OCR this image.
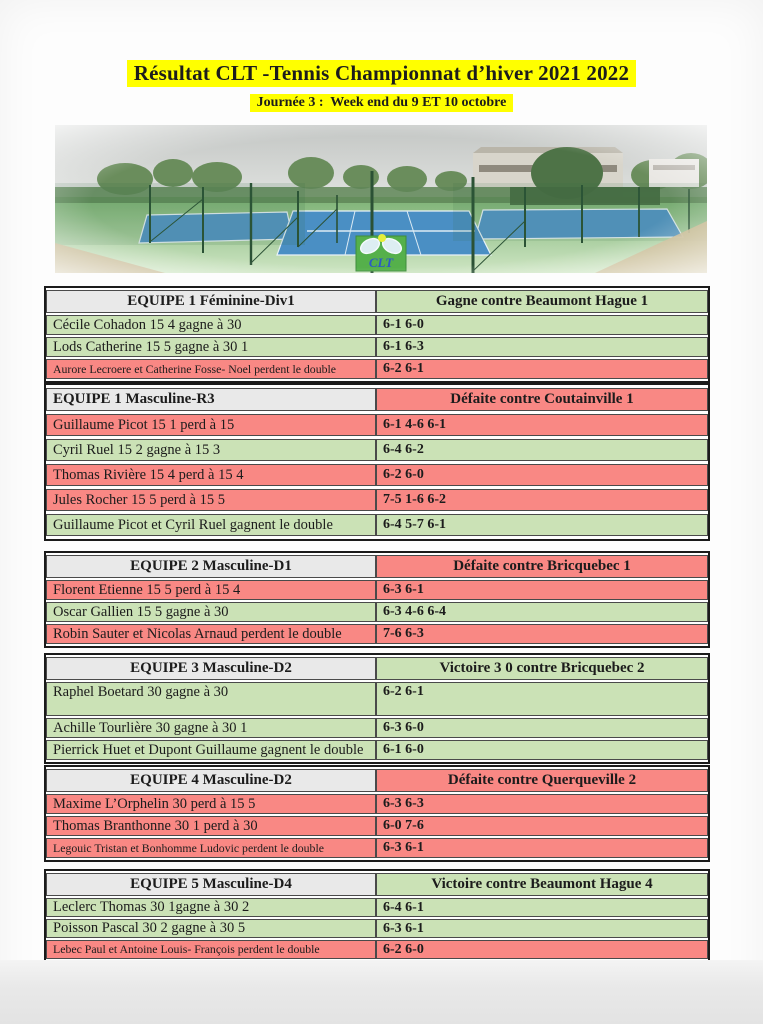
Résultat CLT -Tennis Championnat d’hiver 2021 2022
Journée 3 :  Week end du 9 ET 10 octobre
EQUIPE 1 Féminine-Div1	Gagne contre Beaumont Hague 1
Cécile Cohadon 15 4 gagne à 30	6-1 6-0
Lods Catherine 15 5 gagne à 30 1	6-1 6-3
Aurore Lecroere et Catherine Fosse- Noel perdent le double	6-2 6-1
EQUIPE 1 Masculine-R3	Défaite contre Coutainville 1
Guillaume Picot 15 1 perd à 15	6-1 4-6 6-1
Cyril Ruel 15 2 gagne à 15 3	6-4 6-2
Thomas Rivière 15 4 perd à 15 4	6-2 6-0
Jules Rocher 15 5 perd à 15 5	7-5 1-6 6-2
Guillaume Picot et Cyril Ruel gagnent le double	6-4 5-7 6-1
EQUIPE 2 Masculine-D1	Défaite contre Bricquebec 1
Florent Etienne 15 5 perd à 15 4	6-3 6-1
Oscar Gallien 15 5 gagne à 30	6-3 4-6 6-4
Robin Sauter et Nicolas Arnaud perdent le double	7-6 6-3
EQUIPE 3 Masculine-D2	Victoire 3 0 contre Bricquebec 2
Raphel Boetard 30 gagne à 30	6-2 6-1
Achille Tourlière 30 gagne à 30 1	6-3 6-0
Pierrick Huet et Dupont Guillaume gagnent le double	6-1 6-0
EQUIPE 4 Masculine-D2	Défaite contre Querqueville 2
Maxime L’Orphelin 30 perd à 15 5	6-3 6-3
Thomas Branthonne 30 1 perd à 30	6-0 7-6
Legouic Tristan et Bonhomme Ludovic perdent le double	6-3 6-1
EQUIPE 5 Masculine-D4	Victoire contre Beaumont Hague 4
Leclerc Thomas 30 1gagne à 30 2	6-4 6-1
Poisson Pascal 30 2 gagne à 30 5	6-3 6-1
Lebec Paul et Antoine Louis- François perdent le double	6-2 6-0
